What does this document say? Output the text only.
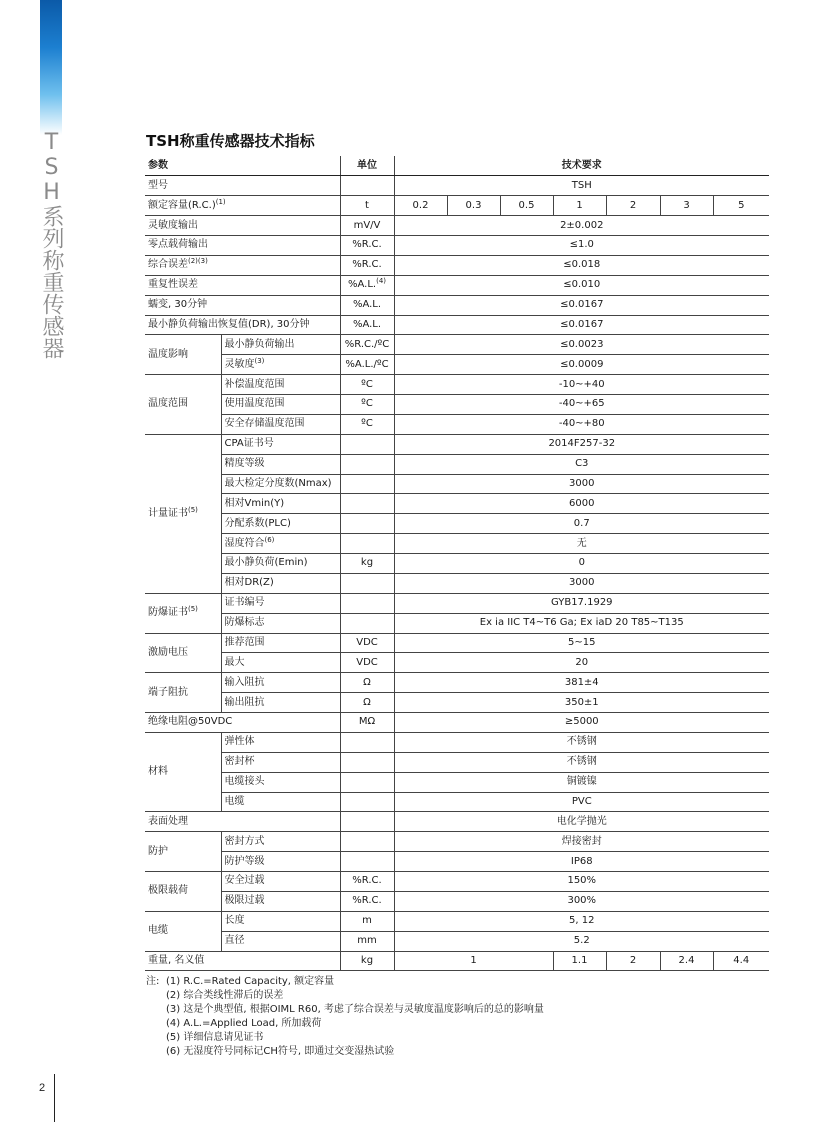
TSH系列称重传感器
2
TSH称重传感器技术指标
参数		单位	技术要求						
型号			TSH						
额定容量$(R.C.)^{(1)}$		t	0.2	0.3	0.5	1	2	3	5
灵敏度输出		mV/V	2±0.002						
零点载荷输出		%R.C.	≤1.0						
综合误差$^{(2)(3)}$		%R.C.	≤0.018						
重复性误差		%A.L.$^{(4)}$	≤0.010						
蠕变, 30分钟		%A.L.	≤0.0167						
最小静负荷输出恢复值(DR), 30分钟		%A.L.	≤0.0167						
温度影响	最小静负荷输出	%R.C./ºC	≤0.0023						
	灵敏度$^{(3)}$	%A.L./ºC	≤0.0009						
温度范围	补偿温度范围	ºC	-10~+40						
	使用温度范围	ºC	-40~+65						
	安全存储温度范围	ºC	-40~+80						
计量证书$^{(5)}$	CPA证书号		2014F257-32						
	精度等级		C3						
	最大检定分度数(Nmax)		3000						
	相对Vmin(Y)		6000						
	分配系数(PLC)		0.7						
	湿度符合$^{(6)}$		无						
	最小静负荷(Emin)	kg	0						
	相对DR(Z)		3000						
防爆证书$^{(5)}$	证书编号		GYB17.1929						
	防爆标志		Ex ia IIC T4~T6 Ga; Ex iaD 20 T85~T135						
激励电压	推荐范围	VDC	5~15						
	最大	VDC	20						
端子阻抗	输入阻抗	Ω	381±4						
	输出阻抗	Ω	350±1						
绝缘电阻@50VDC		MΩ	≥5000						
材料	弹性体		不锈钢						
	密封杯		不锈钢						
	电缆接头		铜镀镍						
	电缆		PVC						
表面处理			电化学抛光						
防护	密封方式		焊接密封						
	防护等级		IP68						
极限载荷	安全过载	%R.C.	150%						
	极限过载	%R.C.	300%						
电缆	长度	m	5, 12						
	直径	mm	5.2						
重量, 名义值		kg	1			1.1	2	2.4	4.4
注: (1) R.C.=Rated Capacity, 额定容量
(2) 综合类线性滞后的误差
(3) 这是个典型值, 根据OIML R60, 考虑了综合误差与灵敏度温度影响后的总的影响量
(4) A.L.=Applied Load, 所加载荷
(5) 详细信息请见证书
(6) 无湿度符号同标记CH符号, 即通过交变湿热试验
